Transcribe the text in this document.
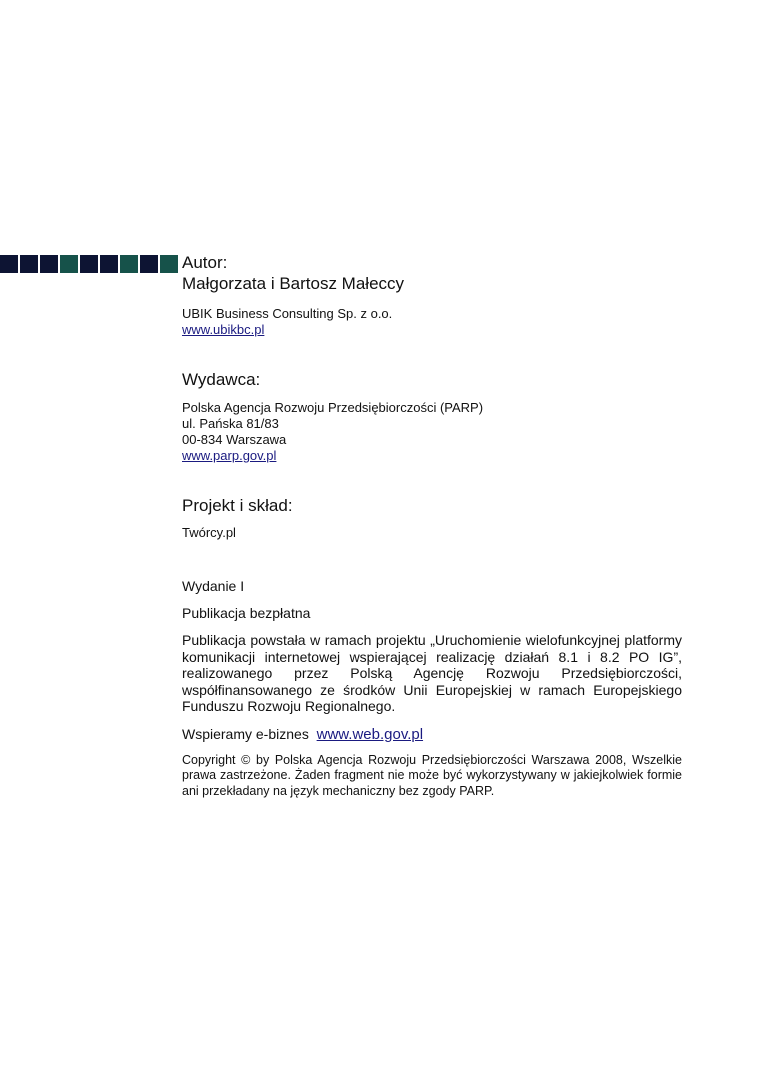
Autor:

Małgorzata i Bartosz Małeccy

UBIK Business Consulting Sp. z o.o.

www.ubikbc.pl

Wydawca:

Polska Agencja Rozwoju Przedsiębiorczości (PARP)

ul. Pańska 81/83

00-834 Warszawa

www.parp.gov.pl

Projekt i skład:

Twórcy.pl

Wydanie I

Publikacja bezpłatna

Publikacja powstała w ramach projektu „Uruchomienie wielofunkcyjnej platformy komunikacji internetowej wspierającej realizację działań 8.1 i 8.2 PO IG”, realizowanego przez Polską Agencję Rozwoju Przedsiębiorczości, współfinansowanego ze środków Unii Europejskiej w ramach Europejskiego Funduszu Rozwoju Regionalnego.

Wspieramy e-biznes www.web.gov.pl

Copyright © by Polska Agencja Rozwoju Przedsiębiorczości Warszawa 2008, Wszelkie prawa zastrzeżone. Żaden fragment nie może być wykorzystywany w jakiejkolwiek formie ani przekładany na język mechaniczny bez zgody PARP.
